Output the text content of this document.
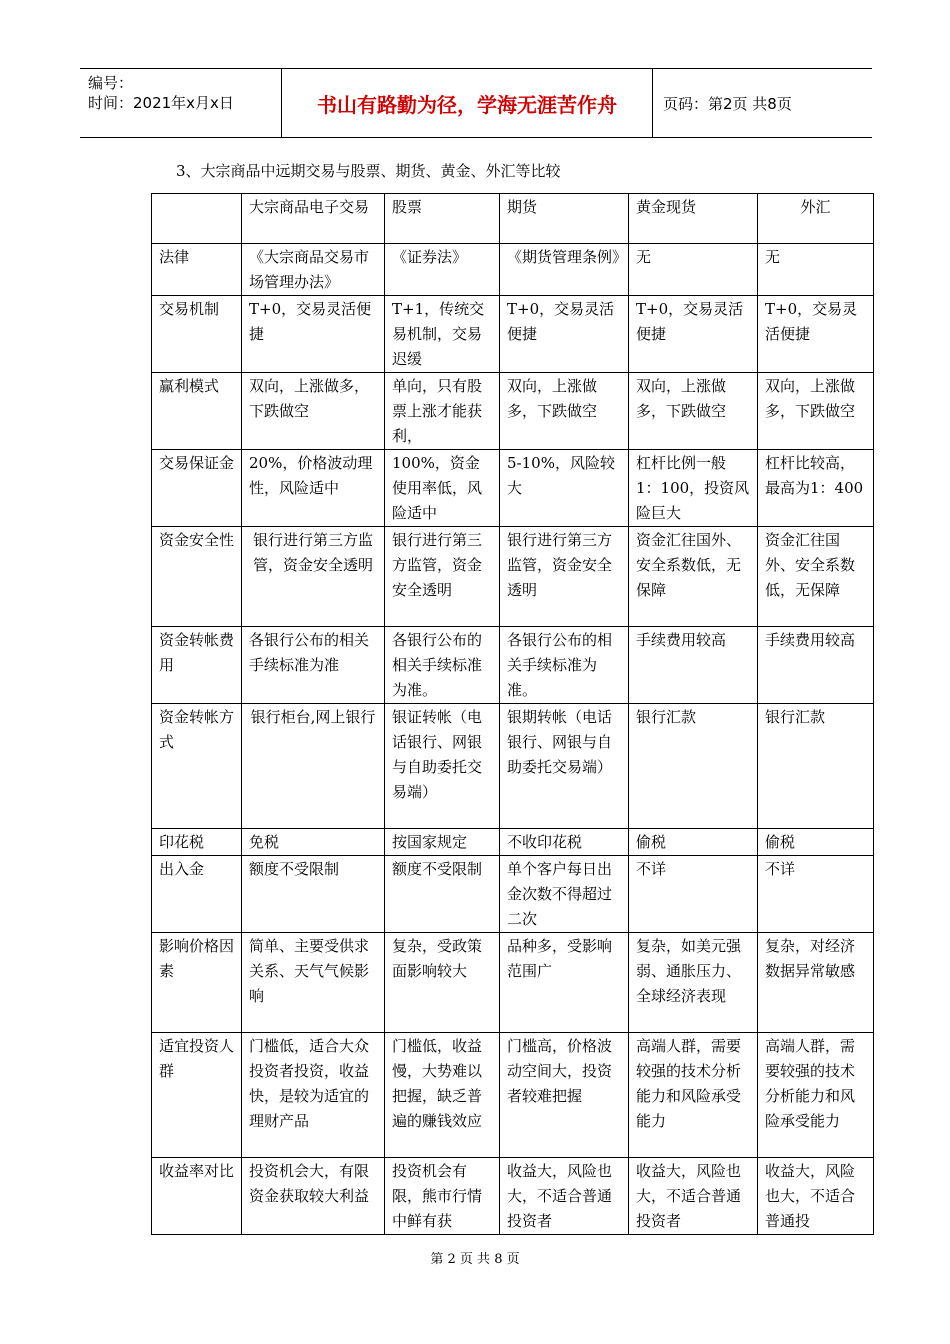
编号：
时间：2021年x月x日	书山有路勤为径，学海无涯苦作舟	页码：第2页 共8页
3、大宗商品中远期交易与股票、期货、黄金、外汇等比较
	大宗商品电子交易	股票	期货	黄金现货	外汇
法律	《大宗商品交易市场管理办法》	《证券法》	《期货管理条例》	无	无
交易机制	T+0，交易灵活便捷	T+1，传统交易机制，交易迟缓	T+0，交易灵活便捷	T+0，交易灵活便捷	T+0，交易灵活便捷
赢利模式	双向，上涨做多，下跌做空	单向，只有股票上涨才能获利，	双向，上涨做多，下跌做空	双向，上涨做多，下跌做空	双向，上涨做多，下跌做空
交易保证金	20%，价格波动理性，风险适中	100%，资金使用率低，风险适中	5-10%，风险较大	杠杆比例一般1：100，投资风险巨大	杠杆比较高，最高为1：400
资金安全性	银行进行第三方监管，资金安全透明	银行进行第三方监管，资金安全透明	银行进行第三方监管，资金安全透明	资金汇往国外、安全系数低，无保障	资金汇往国外、安全系数低，无保障
资金转帐费用	各银行公布的相关手续标准为准	各银行公布的相关手续标准为准。	各银行公布的相关手续标准为准。	手续费用较高	手续费用较高
资金转帐方式	银行柜台,网上银行	银证转帐（电话银行、网银与自助委托交易端）	银期转帐（电话银行、网银与自助委托交易端）	银行汇款	银行汇款
印花税	免税	按国家规定	不收印花税	偷税	偷税
出入金	额度不受限制	额度不受限制	单个客户每日出金次数不得超过二次	不详	不详
影响价格因素	简单、主要受供求关系、天气气候影响	复杂，受政策面影响较大	品种多，受影响范围广	复杂，如美元强弱、通胀压力、全球经济表现	复杂，对经济数据异常敏感
适宜投资人群	门槛低，适合大众投资者投资，收益快，是较为适宜的理财产品	门槛低，收益慢，大势难以把握，缺乏普遍的赚钱效应	门槛高，价格波动空间大，投资者较难把握	高端人群，需要较强的技术分析能力和风险承受能力	高端人群，需要较强的技术分析能力和风险承受能力
收益率对比	投资机会大，有限资金获取较大利益	投资机会有限，熊市行情中鲜有获	收益大，风险也大，不适合普通投资者	收益大，风险也大，不适合普通投资者	收益大，风险也大，不适合普通投
第 2 页 共 8 页
